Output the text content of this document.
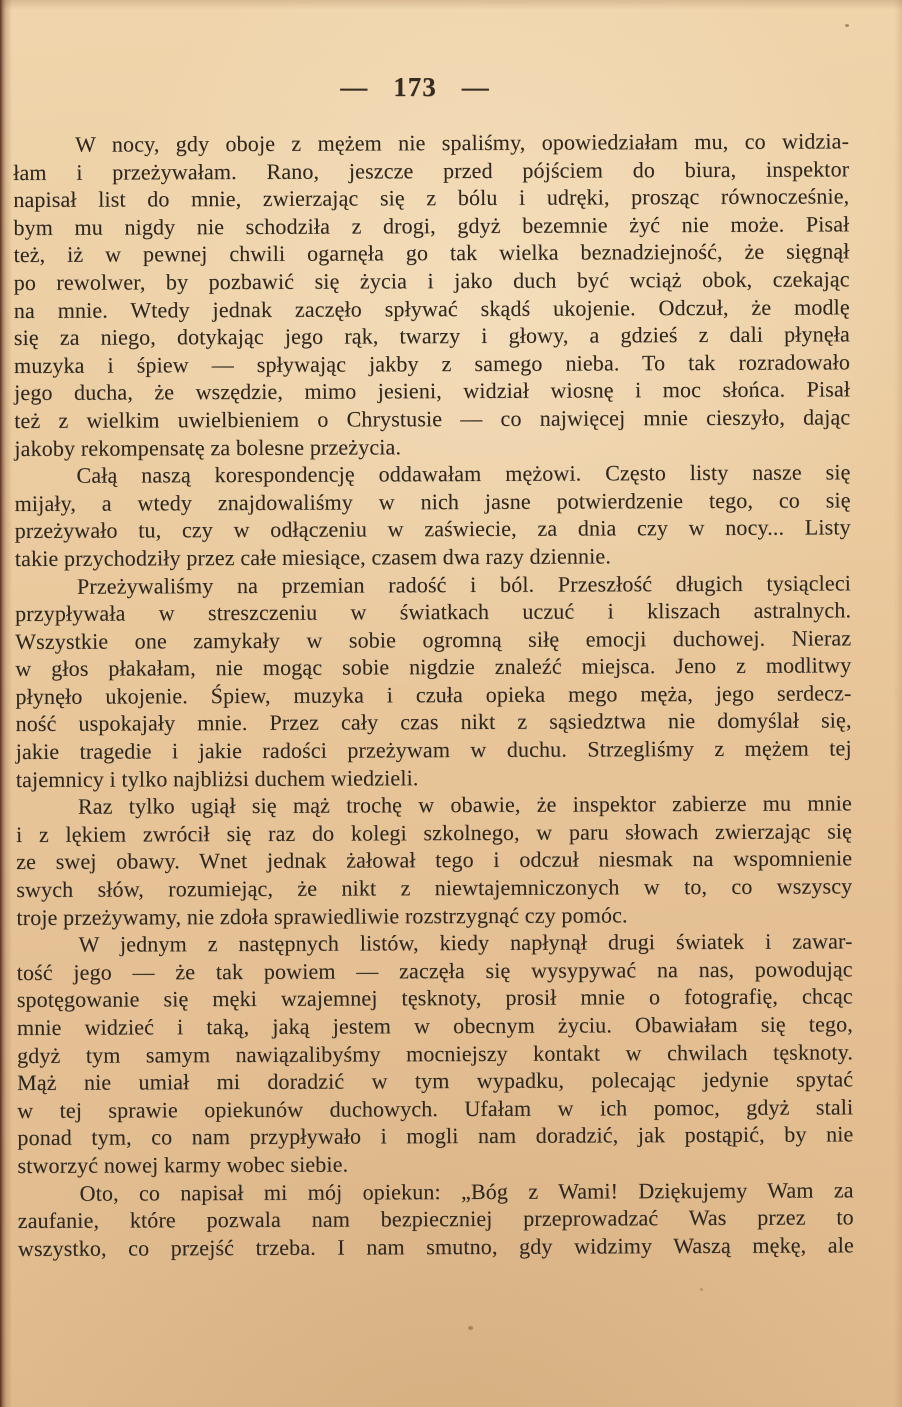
— 173 —
W nocy, gdy oboje z mężem nie spaliśmy, opowiedziałam mu, co widzia-
łam i przeżywałam. Rano, jeszcze przed pójściem do biura, inspektor
napisał list do mnie, zwierzając się z bólu i udręki, prosząc równocześnie,
bym mu nigdy nie schodziła z drogi, gdyż bezemnie żyć nie może. Pisał
też, iż w pewnej chwili ogarnęła go tak wielka beznadziejność, że sięgnął
po rewolwer, by pozbawić się życia i jako duch być wciąż obok, czekając
na mnie. Wtedy jednak zaczęło spływać skądś ukojenie. Odczuł, że modlę
się za niego, dotykając jego rąk, twarzy i głowy, a gdzieś z dali płynęła
muzyka i śpiew — spływając jakby z samego nieba. To tak rozradowało
jego ducha, że wszędzie, mimo jesieni, widział wiosnę i moc słońca. Pisał
też z wielkim uwielbieniem o Chrystusie — co najwięcej mnie cieszyło, dając
jakoby rekompensatę za bolesne przeżycia.
Całą naszą korespondencję oddawałam mężowi. Często listy nasze się
mijały, a wtedy znajdowaliśmy w nich jasne potwierdzenie tego, co się
przeżywało tu, czy w odłączeniu w zaświecie, za dnia czy w nocy... Listy
takie przychodziły przez całe miesiące, czasem dwa razy dziennie.
Przeżywaliśmy na przemian radość i ból. Przeszłość długich tysiącleci
przypływała w streszczeniu w światkach uczuć i kliszach astralnych.
Wszystkie one zamykały w sobie ogromną siłę emocji duchowej. Nieraz
w głos płakałam, nie mogąc sobie nigdzie znaleźć miejsca. Jeno z modlitwy
płynęło ukojenie. Śpiew, muzyka i czuła opieka mego męża, jego serdecz-
ność uspokajały mnie. Przez cały czas nikt z sąsiedztwa nie domyślał się,
jakie tragedie i jakie radości przeżywam w duchu. Strzegliśmy z mężem tej
tajemnicy i tylko najbliżsi duchem wiedzieli.
Raz tylko ugiął się mąż trochę w obawie, że inspektor zabierze mu mnie
i z lękiem zwrócił się raz do kolegi szkolnego, w paru słowach zwierzając się
ze swej obawy. Wnet jednak żałował tego i odczuł niesmak na wspomnienie
swych słów, rozumiejąc, że nikt z niewtajemniczonych w to, co wszyscy
troje przeżywamy, nie zdoła sprawiedliwie rozstrzygnąć czy pomóc.
W jednym z następnych listów, kiedy napłynął drugi światek i zawar-
tość jego — że tak powiem — zaczęła się wysypywać na nas, powodując
spotęgowanie się męki wzajemnej tęsknoty, prosił mnie o fotografię, chcąc
mnie widzieć i taką, jaką jestem w obecnym życiu. Obawiałam się tego,
gdyż tym samym nawiązalibyśmy mocniejszy kontakt w chwilach tęsknoty.
Mąż nie umiał mi doradzić w tym wypadku, polecając jedynie spytać
w tej sprawie opiekunów duchowych. Ufałam w ich pomoc, gdyż stali
ponad tym, co nam przypływało i mogli nam doradzić, jak postąpić, by nie
stworzyć nowej karmy wobec siebie.
Oto, co napisał mi mój opiekun: „Bóg z Wami! Dziękujemy Wam za
zaufanie, które pozwala nam bezpieczniej przeprowadzać Was przez to
wszystko, co przejść trzeba. I nam smutno, gdy widzimy Waszą mękę, ale
